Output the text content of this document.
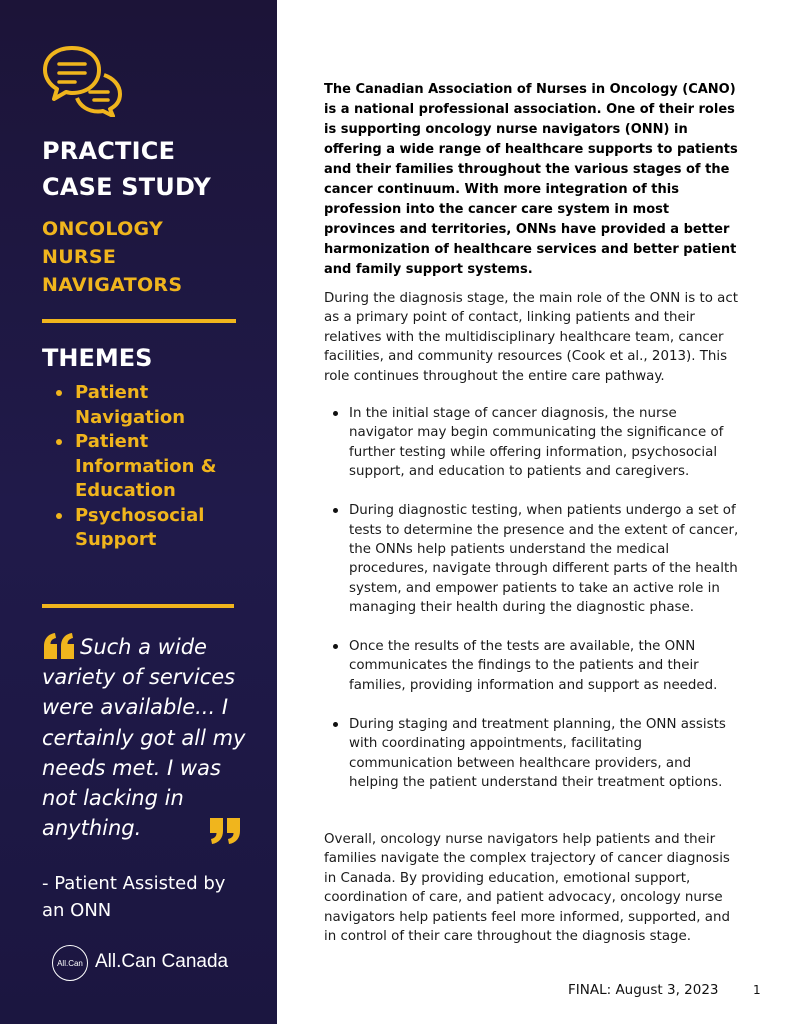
PRACTICE
CASE STUDY
ONCOLOGY
NURSE
NAVIGATORS
THEMES
Patient Navigation
Patient Information & Education
Psychosocial Support
Such a wide variety of services were available... I certainly got all my needs met. I was not lacking in anything.
- Patient Assisted by an ONN
All.Can All.Can Canada
The Canadian Association of Nurses in Oncology (CANO) is a national professional association. One of their roles is supporting oncology nurse navigators (ONN) in offering a wide range of healthcare supports to patients and their families throughout the various stages of the cancer continuum. With more integration of this profession into the cancer care system in most provinces and territories, ONNs have provided a better harmonization of healthcare services and better patient and family support systems.
During the diagnosis stage, the main role of the ONN is to act as a primary point of contact, linking patients and their relatives with the multidisciplinary healthcare team, cancer facilities, and community resources (Cook et al., 2013). This role continues throughout the entire care pathway.
In the initial stage of cancer diagnosis, the nurse navigator may begin communicating the significance of further testing while offering information, psychosocial support, and education to patients and caregivers.
During diagnostic testing, when patients undergo a set of tests to determine the presence and the extent of cancer, the ONNs help patients understand the medical procedures, navigate through different parts of the health system, and empower patients to take an active role in managing their health during the diagnostic phase.
Once the results of the tests are available, the ONN communicates the findings to the patients and their families, providing information and support as needed.
During staging and treatment planning, the ONN assists with coordinating appointments, facilitating communication between healthcare providers, and helping the patient understand their treatment options.
Overall, oncology nurse navigators help patients and their families navigate the complex trajectory of cancer diagnosis in Canada. By providing education, emotional support, coordination of care, and patient advocacy, oncology nurse navigators help patients feel more informed, supported, and in control of their care throughout the diagnosis stage.
FINAL: August 3, 2023	1
